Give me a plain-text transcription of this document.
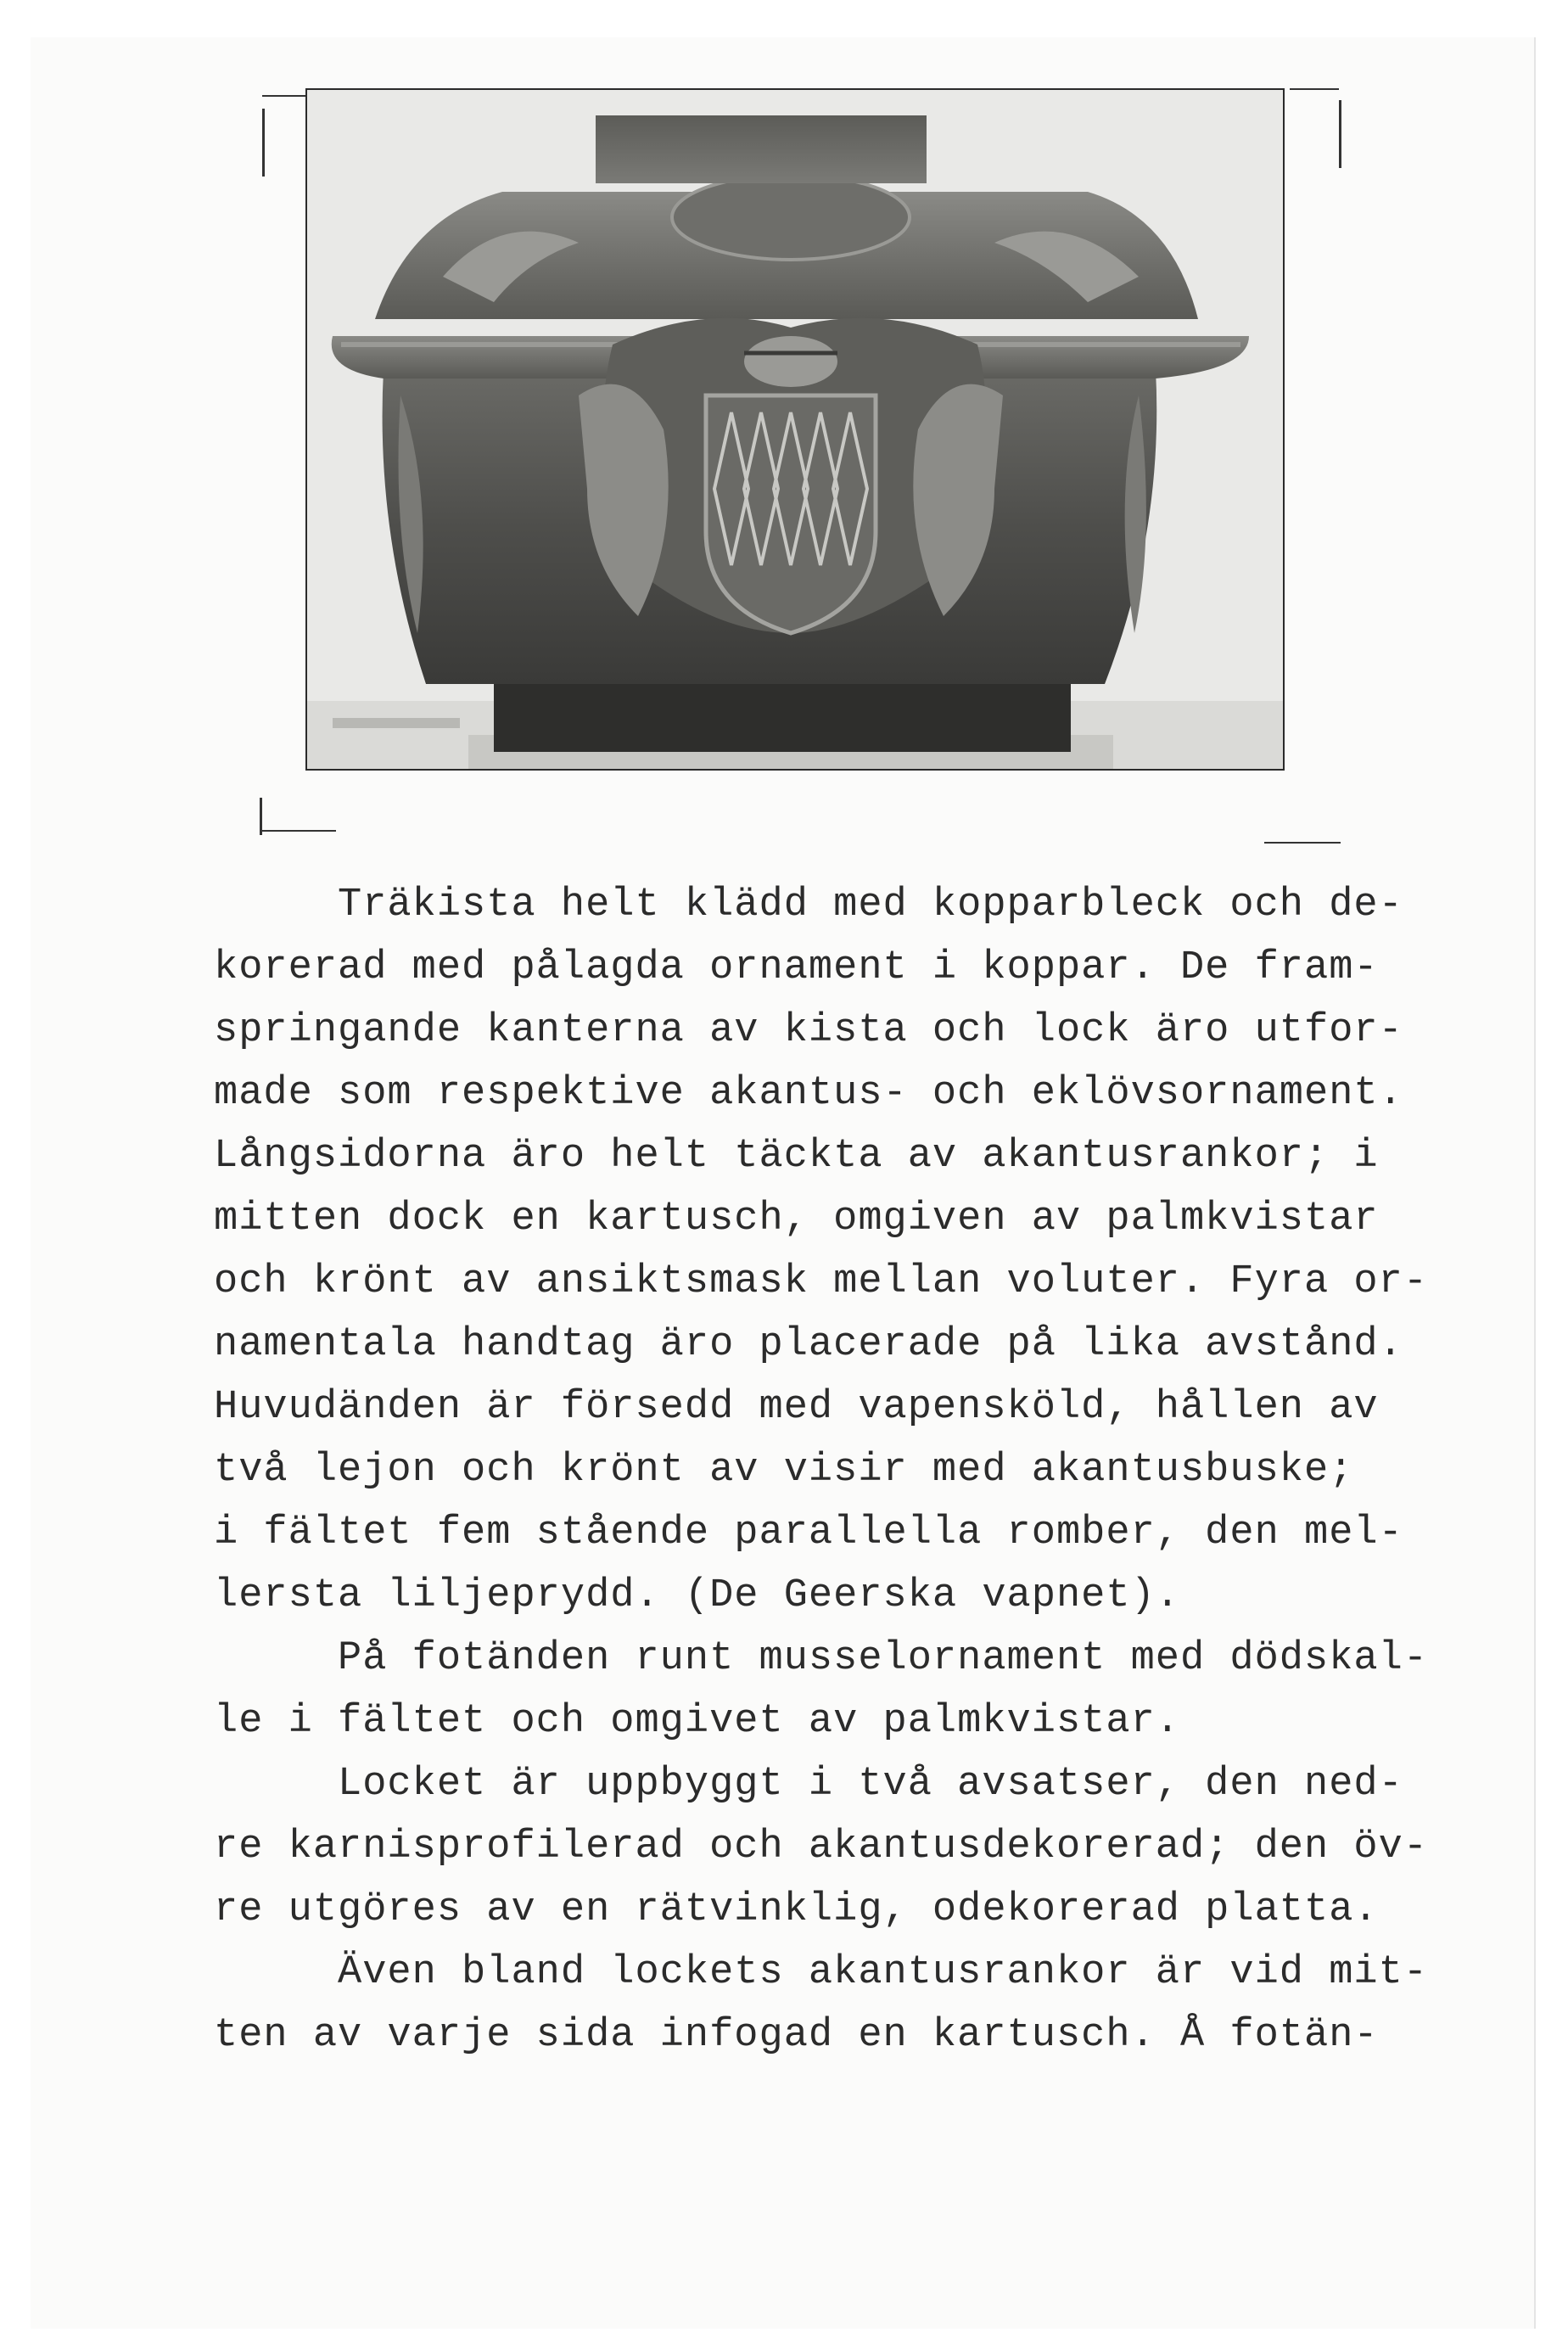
Träkista helt klädd med kopparbleck och de-
korerad med pålagda ornament i koppar. De fram-
springande kanterna av kista och lock äro utfor-
made som respektive akantus- och eklövsornament.
Långsidorna äro helt täckta av akantusrankor; i
mitten dock en kartusch, omgiven av palmkvistar
och krönt av ansiktsmask mellan voluter. Fyra or-
namentala handtag äro placerade på lika avstånd.
Huvudänden är försedd med vapensköld, hållen av
två lejon och krönt av visir med akantusbuske;
i fältet fem stående parallella romber, den mel-
lersta liljeprydd. (De Geerska vapnet).
På fotänden runt musselornament med dödskal-
le i fältet och omgivet av palmkvistar.
Locket är uppbyggt i två avsatser, den ned-
re karnisprofilerad och akantusdekorerad; den öv-
re utgöres av en rätvinklig, odekorerad platta.
Även bland lockets akantusrankor är vid mit-
ten av varje sida infogad en kartusch. Å fotän-
